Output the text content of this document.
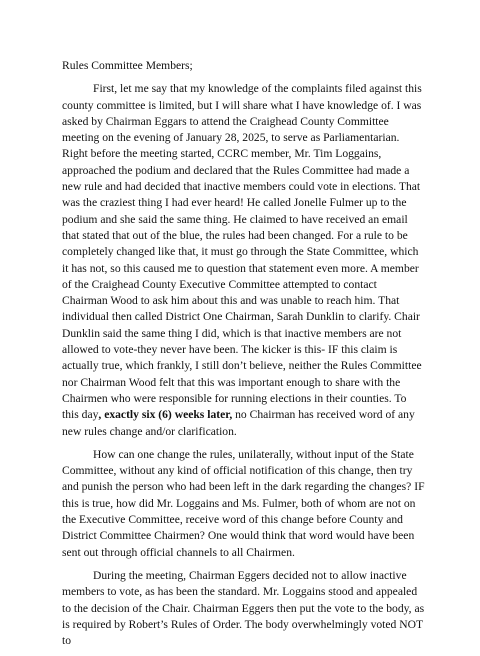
Rules Committee Members;

First, let me say that my knowledge of the complaints filed against this county committee is limited, but I will share what I have knowledge of. I was asked by Chairman Eggars to attend the Craighead County Committee meeting on the evening of January 28, 2025, to serve as Parliamentarian. Right before the meeting started, CCRC member, Mr. Tim Loggains, approached the podium and declared that the Rules Committee had made a new rule and had decided that inactive members could vote in elections. That was the craziest thing I had ever heard! He called Jonelle Fulmer up to the podium and she said the same thing. He claimed to have received an email that stated that out of the blue, the rules had been changed. For a rule to be completely changed like that, it must go through the State Committee, which it has not, so this caused me to question that statement even more. A member of the Craighead County Executive Committee attempted to contact Chairman Wood to ask him about this and was unable to reach him. That individual then called District One Chairman, Sarah Dunklin to clarify. Chair Dunklin said the same thing I did, which is that inactive members are not allowed to vote-they never have been. The kicker is this- IF this claim is actually true, which frankly, I still don’t believe, neither the Rules Committee nor Chairman Wood felt that this was important enough to share with the Chairmen who were responsible for running elections in their counties. To this day, exactly six (6) weeks later, no Chairman has received word of any new rules change and/or clarification.

How can one change the rules, unilaterally, without input of the State Committee, without any kind of official notification of this change, then try and punish the person who had been left in the dark regarding the changes? IF this is true, how did Mr. Loggains and Ms. Fulmer, both of whom are not on the Executive Committee, receive word of this change before County and District Committee Chairmen? One would think that word would have been sent out through official channels to all Chairmen.

During the meeting, Chairman Eggers decided not to allow inactive members to vote, as has been the standard. Mr. Loggains stood and appealed to the decision of the Chair. Chairman Eggers then put the vote to the body, as is required by Robert’s Rules of Order. The body overwhelmingly voted NOT to
